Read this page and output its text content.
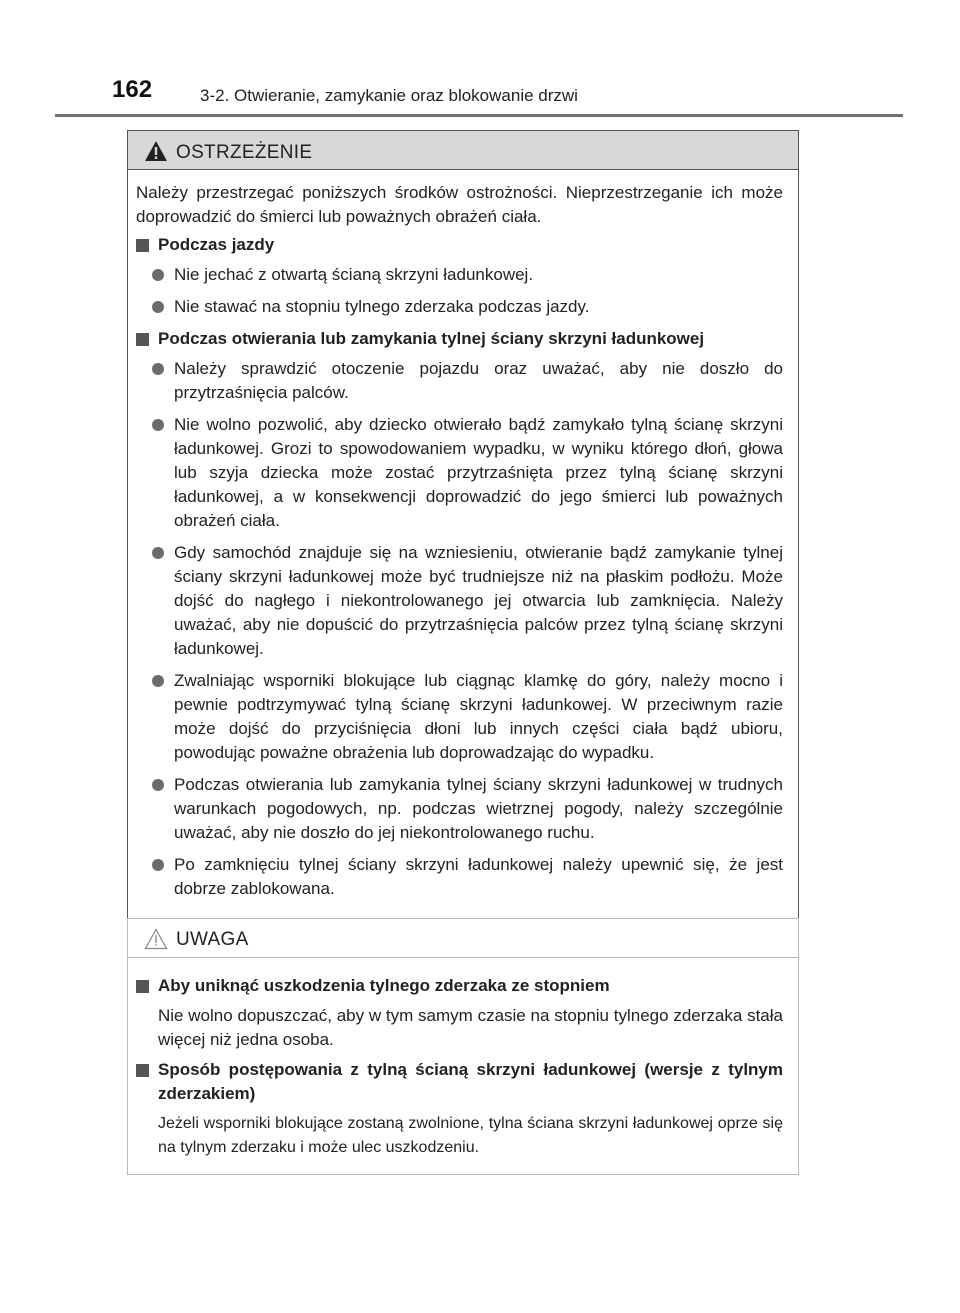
162	3-2. Otwieranie, zamykanie oraz blokowanie drzwi
OSTRZEŻENIE

Należy przestrzegać poniższych środków ostrożności. Nieprzestrzeganie ich może doprowadzić do śmierci lub poważnych obrażeń ciała.

Podczas jazdy
Nie jechać z otwartą ścianą skrzyni ładunkowej.
Nie stawać na stopniu tylnego zderzaka podczas jazdy.
Podczas otwierania lub zamykania tylnej ściany skrzyni ładunkowej
Należy sprawdzić otoczenie pojazdu oraz uważać, aby nie doszło do przytrzaśnięcia palców.
Nie wolno pozwolić, aby dziecko otwierało bądź zamykało tylną ścianę skrzyni ładunkowej. Grozi to spowodowaniem wypadku, w wyniku którego dłoń, głowa lub szyja dziecka może zostać przytrzaśnięta przez tylną ścianę skrzyni ładunkowej, a w konsekwencji doprowadzić do jego śmierci lub poważnych obrażeń ciała.
Gdy samochód znajduje się na wzniesieniu, otwieranie bądź zamykanie tylnej ściany skrzyni ładunkowej może być trudniejsze niż na płaskim podłożu. Może dojść do nagłego i niekontrolowanego jej otwarcia lub zamknięcia. Należy uważać, aby nie dopuścić do przytrzaśnięcia palców przez tylną ścianę skrzyni ładunkowej.
Zwalniając wsporniki blokujące lub ciągnąc klamkę do góry, należy mocno i pewnie podtrzymywać tylną ścianę skrzyni ładunkowej. W przeciwnym razie może dojść do przyciśnięcia dłoni lub innych części ciała bądź ubioru, powodując poważne obrażenia lub doprowadzając do wypadku.
Podczas otwierania lub zamykania tylnej ściany skrzyni ładunkowej w trudnych warunkach pogodowych, np. podczas wietrznej pogody, należy szczególnie uważać, aby nie doszło do jej niekontrolowanego ruchu.
Po zamknięciu tylnej ściany skrzyni ładunkowej należy upewnić się, że jest dobrze zablokowana.
UWAGA
Aby uniknąć uszkodzenia tylnego zderzaka ze stopniem

Nie wolno dopuszczać, aby w tym samym czasie na stopniu tylnego zderzaka stała więcej niż jedna osoba.

Sposób postępowania z tylną ścianą skrzyni ładunkowej (wersje z tylnym zderzakiem)

Jeżeli wsporniki blokujące zostaną zwolnione, tylna ściana skrzyni ładunkowej oprze się na tylnym zderzaku i może ulec uszkodzeniu.
